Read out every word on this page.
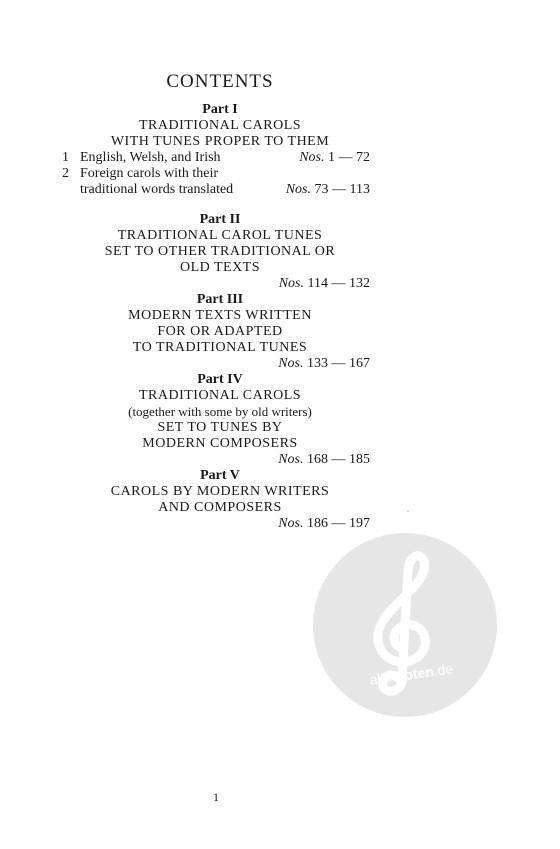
CONTENTS
Part I
TRADITIONAL CAROLS
WITH TUNES PROPER TO THEM
1 English, Welsh, and Irish	Nos. 1 — 72
2 Foreign carols with their
traditional words translated	Nos. 73 — 113
Part II
TRADITIONAL CAROL TUNES
SET TO OTHER TRADITIONAL OR
OLD TEXTS
Nos. 114 — 132
Part III
MODERN TEXTS WRITTEN
FOR OR ADAPTED
TO TRADITIONAL TUNES
Nos. 133 — 167
Part IV
TRADITIONAL CAROLS
(together with some by old writers)
SET TO TUNES BY
MODERN COMPOSERS
Nos. 168 — 185
Part V
CAROLS BY MODERN WRITERS
AND COMPOSERS
Nos. 186 — 197
alle-noten.de
1
